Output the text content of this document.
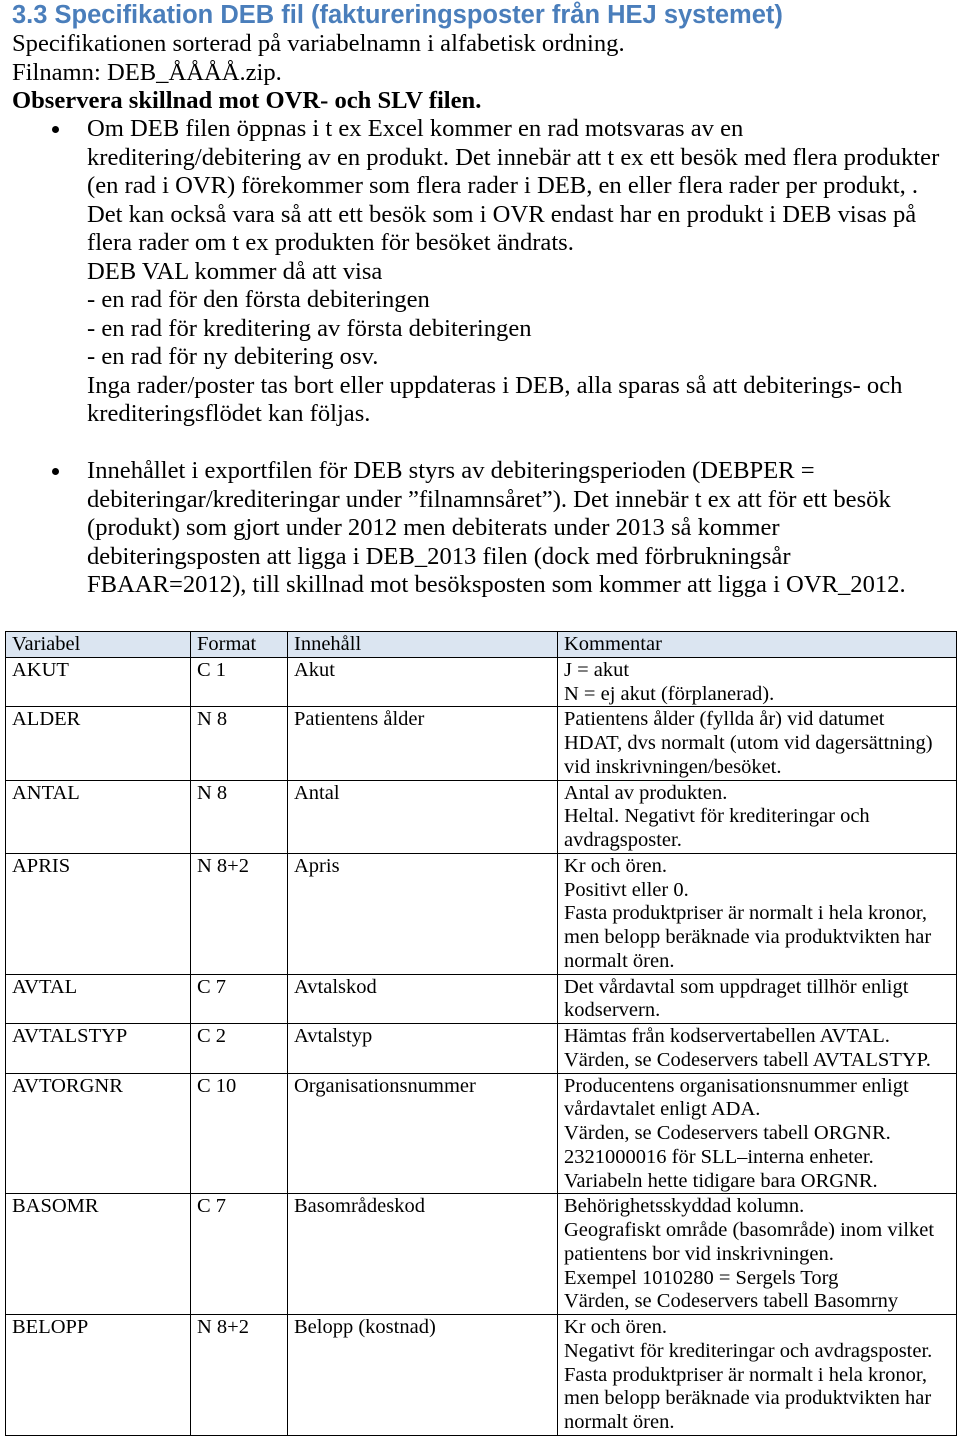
3.3 Specifikation DEB fil (faktureringsposter från HEJ systemet)
Specifikationen sorterad på variabelnamn i alfabetisk ordning.
Filnamn: DEB_ÅÅÅÅ.zip.
Observera skillnad mot OVR- och SLV filen.
Om DEB filen öppnas i t ex Excel kommer en rad motsvaras av en
kreditering/debitering av en produkt. Det innebär att t ex ett besök med flera produkter
(en rad i OVR) förekommer som flera rader i DEB, en eller flera rader per produkt, .
Det kan också vara så att ett besök som i OVR endast har en produkt i DEB visas på
flera rader om t ex produkten för besöket ändrats.
DEB VAL kommer då att visa
- en rad för den första debiteringen
- en rad för kreditering av första debiteringen
- en rad för ny debitering osv.
Inga rader/poster tas bort eller uppdateras i DEB, alla sparas så att debiterings- och
krediteringsflödet kan följas.
Innehållet i exportfilen för DEB styrs av debiteringsperioden (DEBPER =
debiteringar/krediteringar under ”filnamnsåret”). Det innebär t ex att för ett besök
(produkt) som gjort under 2012 men debiterats under 2013 så kommer
debiteringsposten att ligga i DEB_2013 filen (dock med förbrukningsår
FBAAR=2012), till skillnad mot besöksposten som kommer att ligga i OVR_2012.
Variabel	Format	Innehåll	Kommentar
AKUT	C 1	Akut	J = akut
N = ej akut (förplanerad).

ALDER	N 8	Patientens ålder	Patientens ålder (fyllda år) vid datumet
HDAT, dvs normalt (utom vid dagersättning)
vid inskrivningen/besöket.

ANTAL	N 8	Antal	Antal av produkten.
Heltal. Negativt för krediteringar och
avdragsposter.

APRIS	N 8+2	Apris	Kr och ören.
Positivt eller 0.
Fasta produktpriser är normalt i hela kronor,
men belopp beräknade via produktvikten har
normalt ören.

AVTAL	C 7	Avtalskod	Det vårdavtal som uppdraget tillhör enligt
kodservern.

AVTALSTYP	C 2	Avtalstyp	Hämtas från kodservertabellen AVTAL.
Värden, se Codeservers tabell AVTALSTYP.

AVTORGNR	C 10	Organisationsnummer	Producentens organisationsnummer enligt
vårdavtalet enligt ADA.
Värden, se Codeservers tabell ORGNR.
2321000016 för SLL–interna enheter.
Variabeln hette tidigare bara ORGNR.

BASOMR	C 7	Basområdeskod	Behörighetsskyddad kolumn.
Geografiskt område (basområde) inom vilket
patientens bor vid inskrivningen.
Exempel 1010280 = Sergels Torg
Värden, se Codeservers tabell Basomrny

BELOPP	N 8+2	Belopp (kostnad)	Kr och ören.
Negativt för krediteringar och avdragsposter.
Fasta produktpriser är normalt i hela kronor,
men belopp beräknade via produktvikten har
normalt ören.
